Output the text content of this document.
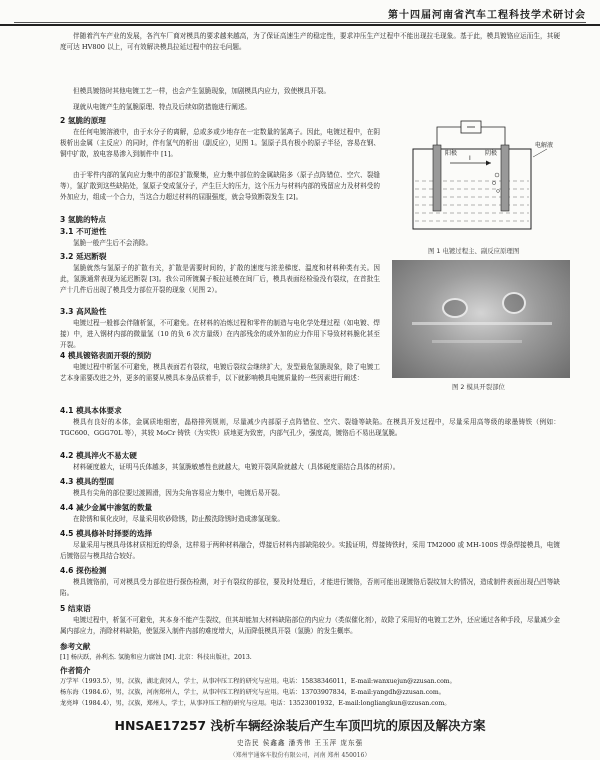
第十四届河南省汽车工程科技学术研讨会

伴随着汽车产业的发展，各汽车厂商对模具的要求越来越高，为了保证高速生产的稳定性，要求冲压生产过程中不能出现拉毛现象。基于此，模具镀铬应运而生，其硬度可达 HV800 以上，可有效解决模具拉延过程中的拉毛问题。

但模具镀铬时其他电镀工艺一样，也会产生氢脆现象，加剧模具内应力，致使模具开裂。

现就从电镀产生的氢脆原理、特点及后续如防措施进行阐述。

2 氢脆的原理

在任何电镀溶液中，由于水分子的离解，总或多或少地存在一定数量的氢离子。因此，电镀过程中，在阴极析出金属（主反应）的同时，伴有氢气的析出（副反应），见图 1。氢原子具有极小的原子半径，容易在钢、铜中扩散，放电容易渗入到制件中 [1]。

由于零件内部的氢向应力集中的部位扩散聚集，应力集中部位的金属缺陷多（原子点阵错位、空穴、裂缝等），氢扩散到这些缺陷处，氢原子变成氢分子，产生巨大的压力，这个压力与材料内部的残留应力及材料受的外加应力，组成一个合力，当这合力超过材料的屈服强度，就会导致断裂发生 [2]。

阳极	阴极
I
电解液
图 1 电镀过程主、副反应原理图
3 氢脆的特点
3.1 不可逆性

氢脆一般产生后不会消除。

3.2 延迟断裂

氢脆就然与氢原子的扩散有关，扩散是需要时间的，扩散的速度与浓差梯度、温度和材料种类有关。因此，氢脆通常表现为延迟断裂 [3]。我公司所镀翼子板拉延模在间厂后，模具表面经检验没有裂纹，在首批生产十几件后出现了模具受力部位开裂的现象（见图 2）。

3.3 高风险性

电镀过程一般都会伴随析氢，不可避免。在材料的冶炼过程和零件的制造与电化学处理过程（如电镀、焊接）中，进入钢材内部的微量氢（10 的负 6 次方量级）在内部残余的或外加的应力作用下导致材料脆化甚至开裂。

图 2 模具开裂部位
4 模具镀铬表面开裂的预防

电镀过程中析氢不可避免，模具表面若有裂纹，电镀后裂纹会继续扩大，发型最危氢脆现象，除了电镀工艺本身需要改进之外，更多的需要从模具本身品质着手，以下就影响模具电镀质量的一些因素进行阐述：

4.1 模具本体要求

模具有良好的本体，金属质地细密，晶格排列规则，尽量减少内部原子点阵错位、空穴、裂缝等缺陷。在模具开发过程中，尽量采用高等级的球墨铸铁（例如：TGC600、GGG70L 等），其较 MoCr 铸铁（为实铁）质地更为致密，内部气孔少，强度高，镀铬后不易出现氢脆。

4.2 模具淬火不易太硬

材料硬度越大，证明马氏体越多，其氢脆敏感性也就越大，电镀开裂风险就越大（具体硬度需结合具体的材质）。

4.3 模具的型面

模具有尖角的部位要过渡圆滑，因为尖角容易应力集中，电镀后易开裂。

4.4 减少金属中渗氢的数量

在除锈和氧化皮时，尽量采用吹砂除锈，防止酸洗除锈时造成渗氢现象。

4.5 模具修补时择要的选择

尽量采用与模具母体材质相近的焊条，这样易于两种材料融合，焊接后材料内部缺陷较少。实践证明，焊接铸铁时，采用 TM2000 或 MH-100S 焊条焊接模具，电镀后镀铬层与模具结合较好。

4.6 探伤检测

模具镀铬前，可对模具受力部位进行探伤检测，对于有裂纹的部位，要及时处理后，才能进行镀铬，否则可能出现镀铬后裂纹加大的情况，造成制件表面出现凸凹等缺陷。

5 结束语

电镀过程中，析氢不可避免，其本身不能产生裂纹，但其却能加大材料缺陷部位的内应力（类似催化剂），故除了采用好的电镀工艺外，还应通过各种手段，尽量减少金属内部应力，消除材料缺陷，使氢深入制件内部的难度增大，从而降低模具开裂（氢脆）的发生概率。

参考文献
[1] 杨庆跃，孙利杰. 氢脆和应力腐蚀 [M]. 北京：科技出版社，2013.
作者简介
万学军（1993.5），男，汉族，湖北黄冈人，学士，从事冲压工程的研究与应用。电话：15838346011，E-mail:wanxuejun@zzusan.com。
杨东海（1984.6），男，汉族，河南郑州人，学士，从事冲压工程的研究与应用。电话：13703907834，E-mail:yangdh@zzusan.com。
龙亮坤（1984.4），男，汉族，郑州人，学士，从事冲压工程的研究与应用。电话：13523001932，E-mail:longliangkun@zzusan.com。
HNSAE17257 浅析车辆经涂装后产生车顶凹坑的原因及解决方案
史浩民 侯鑫鑫 潘秀伟 王玉萍 庞东强
（郑州宇通客车股份有限公司，河南 郑州 450016）
